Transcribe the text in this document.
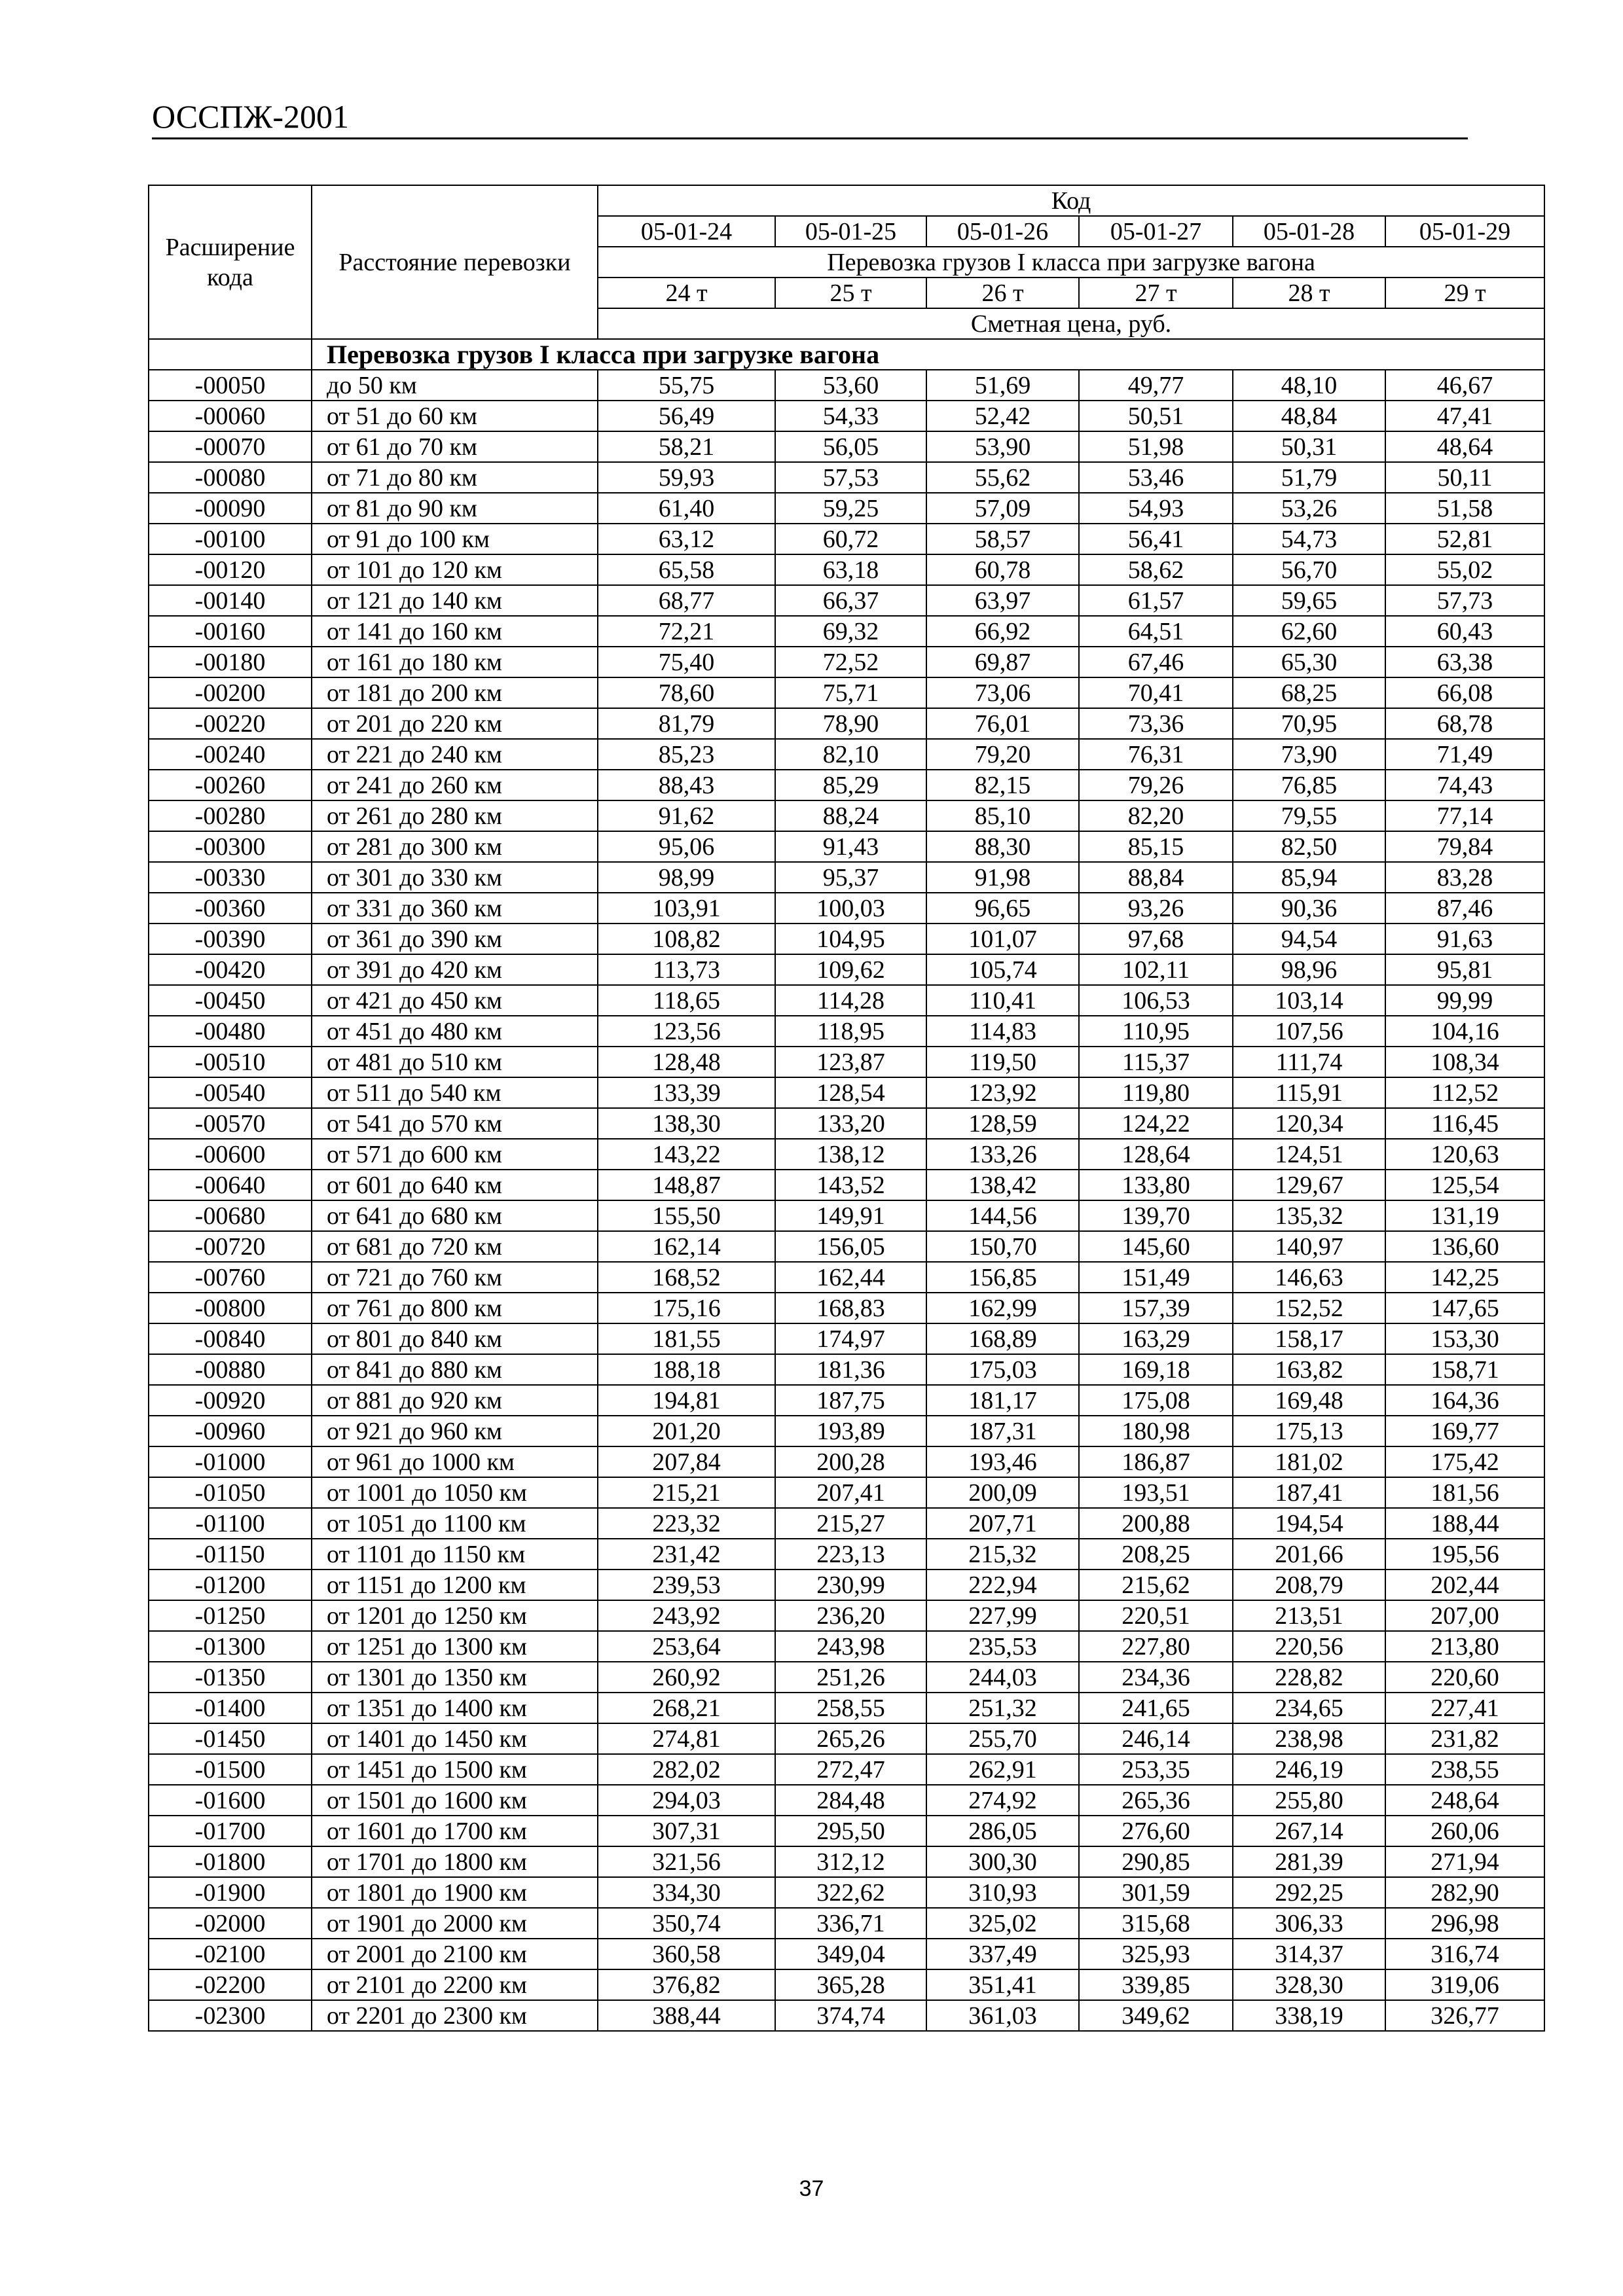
ОССПЖ-2001
Расширение кода	Расстояние перевозки	Код					
		05-01-24	05-01-25	05-01-26	05-01-27	05-01-28	05-01-29
		Перевозка грузов I класса при загрузке вагона					
		24 т	25 т	26 т	27 т	28 т	29 т
		Сметная цена, руб.					
	Перевозка грузов I класса при загрузке вагона						
-00050	до 50 км	55,75	53,60	51,69	49,77	48,10	46,67
-00060	от 51 до 60 км	56,49	54,33	52,42	50,51	48,84	47,41
-00070	от 61 до 70 км	58,21	56,05	53,90	51,98	50,31	48,64
-00080	от 71 до 80 км	59,93	57,53	55,62	53,46	51,79	50,11
-00090	от 81 до 90 км	61,40	59,25	57,09	54,93	53,26	51,58
-00100	от 91 до 100 км	63,12	60,72	58,57	56,41	54,73	52,81
-00120	от 101 до 120 км	65,58	63,18	60,78	58,62	56,70	55,02
-00140	от 121 до 140 км	68,77	66,37	63,97	61,57	59,65	57,73
-00160	от 141 до 160 км	72,21	69,32	66,92	64,51	62,60	60,43
-00180	от 161 до 180 км	75,40	72,52	69,87	67,46	65,30	63,38
-00200	от 181 до 200 км	78,60	75,71	73,06	70,41	68,25	66,08
-00220	от 201 до 220 км	81,79	78,90	76,01	73,36	70,95	68,78
-00240	от 221 до 240 км	85,23	82,10	79,20	76,31	73,90	71,49
-00260	от 241 до 260 км	88,43	85,29	82,15	79,26	76,85	74,43
-00280	от 261 до 280 км	91,62	88,24	85,10	82,20	79,55	77,14
-00300	от 281 до 300 км	95,06	91,43	88,30	85,15	82,50	79,84
-00330	от 301 до 330 км	98,99	95,37	91,98	88,84	85,94	83,28
-00360	от 331 до 360 км	103,91	100,03	96,65	93,26	90,36	87,46
-00390	от 361 до 390 км	108,82	104,95	101,07	97,68	94,54	91,63
-00420	от 391 до 420 км	113,73	109,62	105,74	102,11	98,96	95,81
-00450	от 421 до 450 км	118,65	114,28	110,41	106,53	103,14	99,99
-00480	от 451 до 480 км	123,56	118,95	114,83	110,95	107,56	104,16
-00510	от 481 до 510 км	128,48	123,87	119,50	115,37	111,74	108,34
-00540	от 511 до 540 км	133,39	128,54	123,92	119,80	115,91	112,52
-00570	от 541 до 570 км	138,30	133,20	128,59	124,22	120,34	116,45
-00600	от 571 до 600 км	143,22	138,12	133,26	128,64	124,51	120,63
-00640	от 601 до 640 км	148,87	143,52	138,42	133,80	129,67	125,54
-00680	от 641 до 680 км	155,50	149,91	144,56	139,70	135,32	131,19
-00720	от 681 до 720 км	162,14	156,05	150,70	145,60	140,97	136,60
-00760	от 721 до 760 км	168,52	162,44	156,85	151,49	146,63	142,25
-00800	от 761 до 800 км	175,16	168,83	162,99	157,39	152,52	147,65
-00840	от 801 до 840 км	181,55	174,97	168,89	163,29	158,17	153,30
-00880	от 841 до 880 км	188,18	181,36	175,03	169,18	163,82	158,71
-00920	от 881 до 920 км	194,81	187,75	181,17	175,08	169,48	164,36
-00960	от 921 до 960 км	201,20	193,89	187,31	180,98	175,13	169,77
-01000	от 961 до 1000 км	207,84	200,28	193,46	186,87	181,02	175,42
-01050	от 1001 до 1050 км	215,21	207,41	200,09	193,51	187,41	181,56
-01100	от 1051 до 1100 км	223,32	215,27	207,71	200,88	194,54	188,44
-01150	от 1101 до 1150 км	231,42	223,13	215,32	208,25	201,66	195,56
-01200	от 1151 до 1200 км	239,53	230,99	222,94	215,62	208,79	202,44
-01250	от 1201 до 1250 км	243,92	236,20	227,99	220,51	213,51	207,00
-01300	от 1251 до 1300 км	253,64	243,98	235,53	227,80	220,56	213,80
-01350	от 1301 до 1350 км	260,92	251,26	244,03	234,36	228,82	220,60
-01400	от 1351 до 1400 км	268,21	258,55	251,32	241,65	234,65	227,41
-01450	от 1401 до 1450 км	274,81	265,26	255,70	246,14	238,98	231,82
-01500	от 1451 до 1500 км	282,02	272,47	262,91	253,35	246,19	238,55
-01600	от 1501 до 1600 км	294,03	284,48	274,92	265,36	255,80	248,64
-01700	от 1601 до 1700 км	307,31	295,50	286,05	276,60	267,14	260,06
-01800	от 1701 до 1800 км	321,56	312,12	300,30	290,85	281,39	271,94
-01900	от 1801 до 1900 км	334,30	322,62	310,93	301,59	292,25	282,90
-02000	от 1901 до 2000 км	350,74	336,71	325,02	315,68	306,33	296,98
-02100	от 2001 до 2100 км	360,58	349,04	337,49	325,93	314,37	316,74
-02200	от 2101 до 2200 км	376,82	365,28	351,41	339,85	328,30	319,06
-02300	от 2201 до 2300 км	388,44	374,74	361,03	349,62	338,19	326,77
37
